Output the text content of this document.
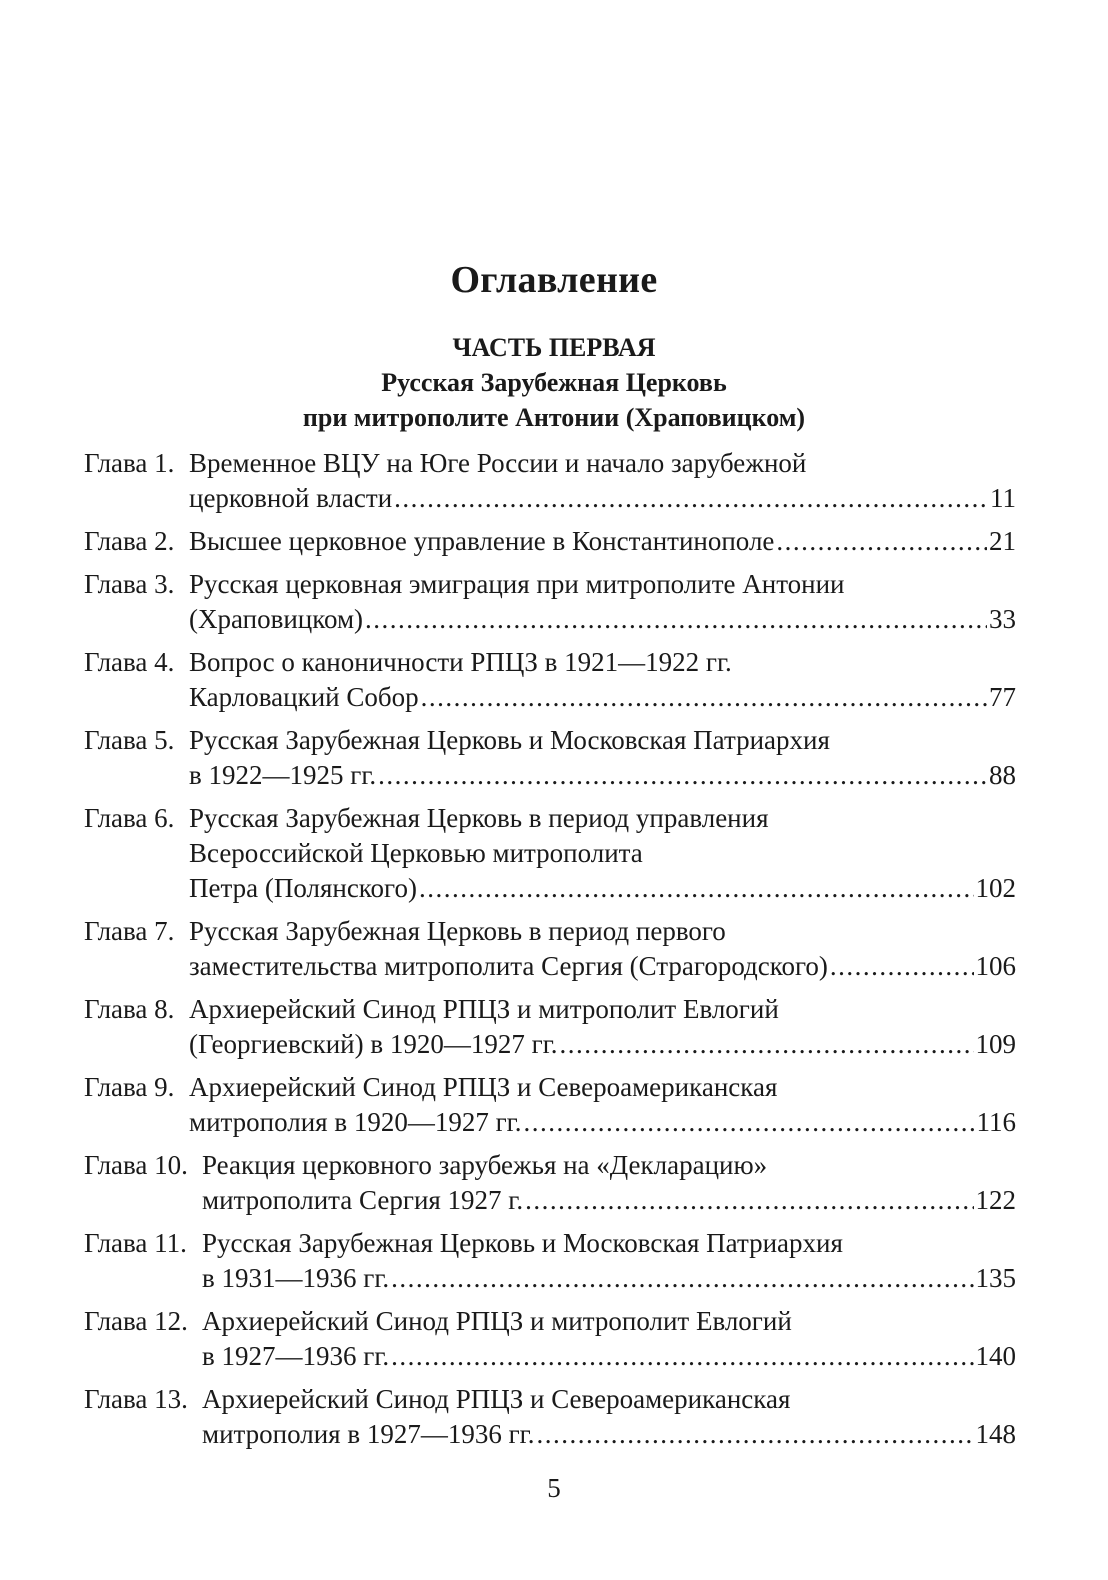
Оглавление
ЧАСТЬ ПЕРВАЯ
Русская Зарубежная Церковь
при митрополите Антонии (Храповицком)
Глава 1. Временное ВЦУ на Юге России и начало зарубежной
церковной власти .....	11
Глава 2. Высшее церковное управление в Константинополе .....	21
Глава 3. Русская церковная эмиграция при митрополите Антонии
(Храповицком) .....	33
Глава 4. Вопрос о каноничности РПЦЗ в 1921—1922 гг.
Карловацкий Собор .....	77
Глава 5. Русская Зарубежная Церковь и Московская Патриархия
в 1922—1925 гг. .....	88
Глава 6. Русская Зарубежная Церковь в период управления
Всероссийской Церковью митрополита
Петра (Полянского) .....	102
Глава 7. Русская Зарубежная Церковь в период первого
заместительства митрополита Сергия (Страгородского) .....	106
Глава 8. Архиерейский Синод РПЦЗ и митрополит Евлогий
(Георгиевский) в 1920—1927 гг. .....	109
Глава 9. Архиерейский Синод РПЦЗ и Североамериканская
митрополия в 1920—1927 гг. .....	116
Глава 10. Реакция церковного зарубежья на «Декларацию»
митрополита Сергия 1927 г. .....	122
Глава 11. Русская Зарубежная Церковь и Московская Патриархия
в 1931—1936 гг. .....	135
Глава 12. Архиерейский Синод РПЦЗ и митрополит Евлогий
в 1927—1936 гг. .....	140
Глава 13. Архиерейский Синод РПЦЗ и Североамериканская
митрополия в 1927—1936 гг. .....	148
5
